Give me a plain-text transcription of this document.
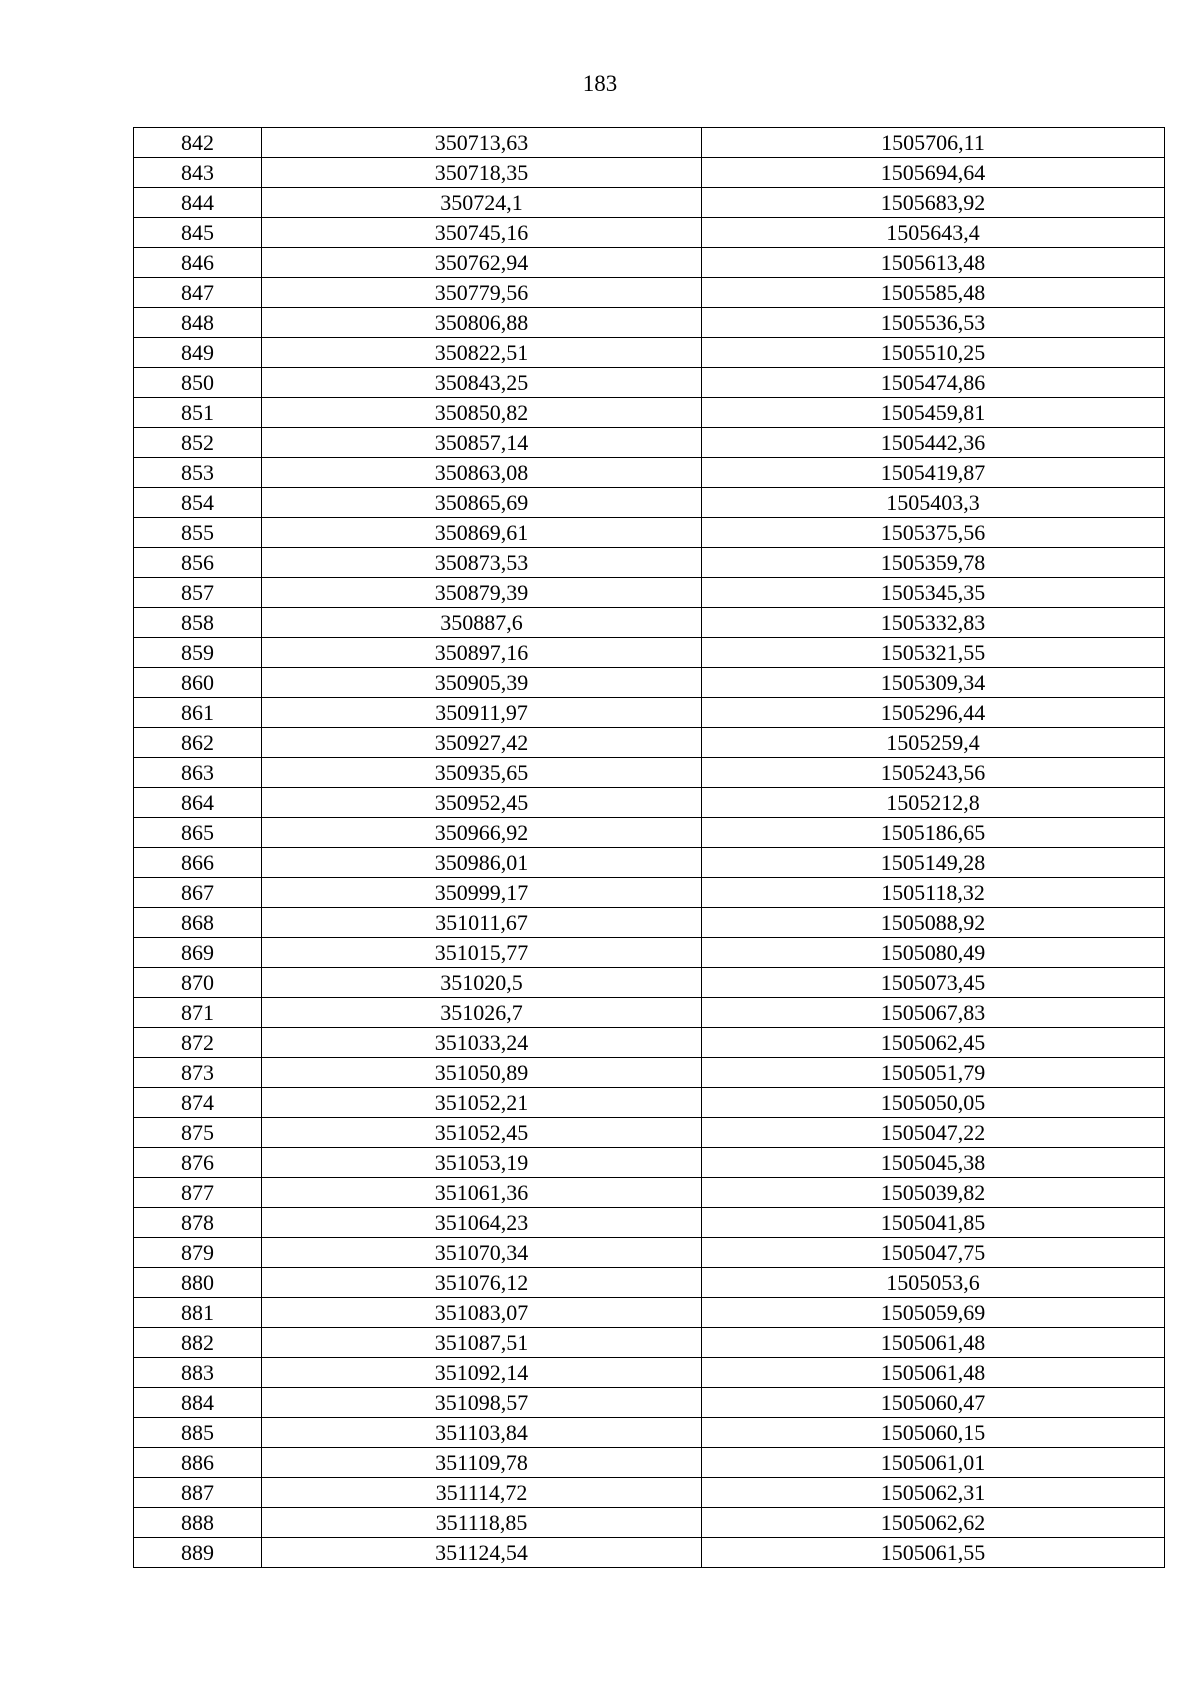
183
842	350713,63	1505706,11
843	350718,35	1505694,64
844	350724,1	1505683,92
845	350745,16	1505643,4
846	350762,94	1505613,48
847	350779,56	1505585,48
848	350806,88	1505536,53
849	350822,51	1505510,25
850	350843,25	1505474,86
851	350850,82	1505459,81
852	350857,14	1505442,36
853	350863,08	1505419,87
854	350865,69	1505403,3
855	350869,61	1505375,56
856	350873,53	1505359,78
857	350879,39	1505345,35
858	350887,6	1505332,83
859	350897,16	1505321,55
860	350905,39	1505309,34
861	350911,97	1505296,44
862	350927,42	1505259,4
863	350935,65	1505243,56
864	350952,45	1505212,8
865	350966,92	1505186,65
866	350986,01	1505149,28
867	350999,17	1505118,32
868	351011,67	1505088,92
869	351015,77	1505080,49
870	351020,5	1505073,45
871	351026,7	1505067,83
872	351033,24	1505062,45
873	351050,89	1505051,79
874	351052,21	1505050,05
875	351052,45	1505047,22
876	351053,19	1505045,38
877	351061,36	1505039,82
878	351064,23	1505041,85
879	351070,34	1505047,75
880	351076,12	1505053,6
881	351083,07	1505059,69
882	351087,51	1505061,48
883	351092,14	1505061,48
884	351098,57	1505060,47
885	351103,84	1505060,15
886	351109,78	1505061,01
887	351114,72	1505062,31
888	351118,85	1505062,62
889	351124,54	1505061,55
